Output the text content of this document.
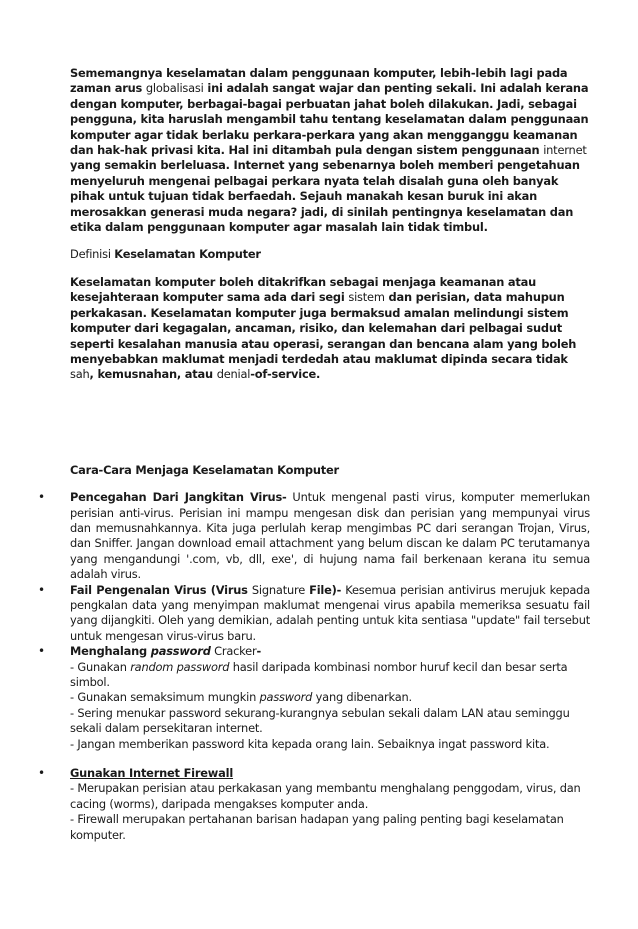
Sememangnya keselamatan dalam penggunaan komputer, lebih-lebih lagi pada zaman arus globalisasi ini adalah sangat wajar dan penting sekali. Ini adalah kerana dengan komputer, berbagai-bagai perbuatan jahat boleh dilakukan. Jadi, sebagai pengguna, kita haruslah mengambil tahu tentang keselamatan dalam penggunaan komputer agar tidak berlaku perkara-perkara yang akan mengganggu keamanan dan hak-hak privasi kita. Hal ini ditambah pula dengan sistem penggunaan internet yang semakin berleluasa. Internet yang sebenarnya boleh memberi pengetahuan menyeluruh mengenai pelbagai perkara nyata telah disalah guna oleh banyak pihak untuk tujuan tidak berfaedah. Sejauh manakah kesan buruk ini akan merosakkan generasi muda negara? jadi, di sinilah pentingnya keselamatan dan etika dalam penggunaan komputer agar masalah lain tidak timbul.

Definisi Keselamatan Komputer

Keselamatan komputer boleh ditakrifkan sebagai menjaga keamanan atau kesejahteraan komputer sama ada dari segi sistem dan perisian, data mahupun perkakasan. Keselamatan komputer juga bermaksud amalan melindungi sistem komputer dari kegagalan, ancaman, risiko, dan kelemahan dari pelbagai sudut seperti kesalahan manusia atau operasi, serangan dan bencana alam yang boleh menyebabkan maklumat menjadi terdedah atau maklumat dipinda secara tidak sah, kemusnahan, atau denial-of-service.

Cara-Cara Menjaga Keselamatan Komputer

• Pencegahan Dari Jangkitan Virus- Untuk mengenal pasti virus, komputer memerlukan perisian anti-virus. Perisian ini mampu mengesan disk dan perisian yang mempunyai virus dan memusnahkannya. Kita juga perlulah kerap mengimbas PC dari serangan Trojan, Virus, dan Sniffer. Jangan download email attachment yang belum discan ke dalam PC terutamanya yang mengandungi '.com, vb, dll, exe', di hujung nama fail berkenaan kerana itu semua adalah virus.
• Fail Pengenalan Virus (Virus Signature File)- Kesemua perisian antivirus merujuk kepada pengkalan data yang menyimpan maklumat mengenai virus apabila memeriksa sesuatu fail yang dijangkiti. Oleh yang demikian, adalah penting untuk kita sentiasa "update" fail tersebut untuk mengesan virus-virus baru.
• Menghalang password Cracker-
- Gunakan random password hasil daripada kombinasi nombor huruf kecil dan besar serta simbol.
- Gunakan semaksimum mungkin password yang dibenarkan.
- Sering menukar password sekurang-kurangnya sebulan sekali dalam LAN atau seminggu sekali dalam persekitaran internet.
- Jangan memberikan password kita kepada orang lain. Sebaiknya ingat password kita.
• Gunakan Internet Firewall
- Merupakan perisian atau perkakasan yang membantu menghalang penggodam, virus, dan cacing (worms), daripada mengakses komputer anda.
- Firewall merupakan pertahanan barisan hadapan yang paling penting bagi keselamatan komputer.
